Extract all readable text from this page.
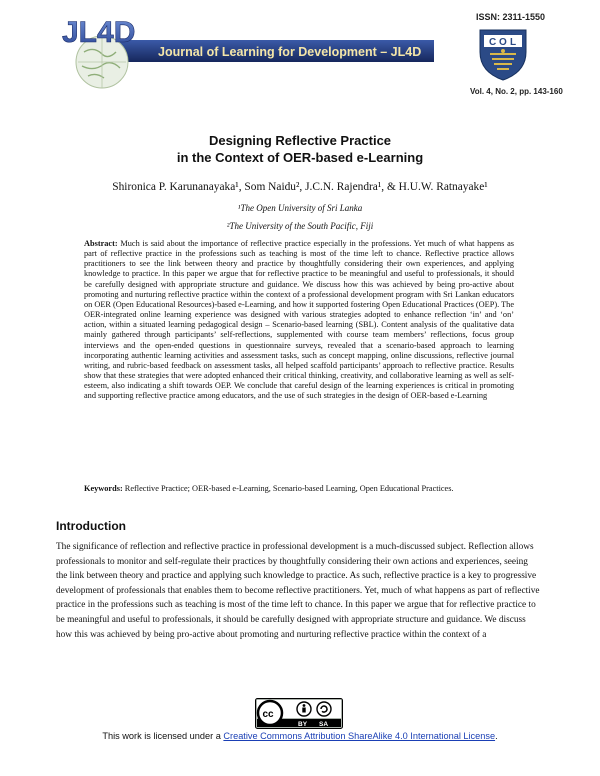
JL4D
Journal of Learning for Development – JL4D
ISSN: 2311-1550
C O L
Vol. 4, No. 2, pp. 143-160
Designing Reflective Practice
in the Context of OER-based e-Learning
Shironica P. Karunanayaka¹, Som Naidu², J.C.N. Rajendra¹, & H.U.W. Ratnayake¹
¹The Open University of Sri Lanka
²The University of the South Pacific, Fiji

Abstract: Much is said about the importance of reflective practice especially in the professions. Yet much of what happens as part of reflective practice in the professions such as teaching is most of the time left to chance. Reflective practice allows practitioners to see the link between theory and practice by thoughtfully considering their own experiences, and applying knowledge to practice. In this paper we argue that for reflective practice to be meaningful and useful to professionals, it should be carefully designed with appropriate structure and guidance. We discuss how this was achieved by being pro-active about promoting and nurturing reflective practice within the context of a professional development program with Sri Lankan educators on OER (Open Educational Resources)-based e-Learning, and how it supported fostering Open Educational Practices (OEP). The OER-integrated online learning experience was designed with various strategies adopted to enhance reflection ‘in’ and ‘on’ action, within a situated learning pedagogical design – Scenario-based learning (SBL). Content analysis of the qualitative data mainly gathered through participants’ self-reflections, supplemented with course team members’ reflections, focus group interviews and the open-ended questions in questionnaire surveys, revealed that a scenario-based approach to learning incorporating authentic learning activities and assessment tasks, such as concept mapping, online discussions, reflective journal writing, and rubric-based feedback on assessment tasks, all helped scaffold participants’ approach to reflective practice. Results show that these strategies that were adopted enhanced their critical thinking, creativity, and collaborative learning as well as self-esteem, also indicating a shift towards OEP. We conclude that careful design of the learning experiences is critical in promoting and supporting reflective practice among educators, and the use of such strategies in the design of OER-based e-Learning

Keywords: Reflective Practice; OER-based e-Learning, Scenario-based Learning, Open Educational Practices.

Introduction

The significance of reflection and reflective practice in professional development is a much-discussed subject. Reflection allows professionals to monitor and self-regulate their practices by thoughtfully considering their own actions and experiences, seeing the link between theory and practice and applying such knowledge to practice. As such, reflective practice is a key to progressive development of professionals that enables them to become reflective practitioners. Yet, much of what happens as part of reflective practice in the professions such as teaching is most of the time left to chance. In this paper we argue that for reflective practice to be meaningful and useful to professionals, it should be carefully designed with appropriate structure and guidance. We discuss how this was achieved by being pro-active about promoting and nurturing reflective practice within the context of a

cc
BY SA
This work is licensed under a Creative Commons Attribution ShareAlike 4.0 International License.
